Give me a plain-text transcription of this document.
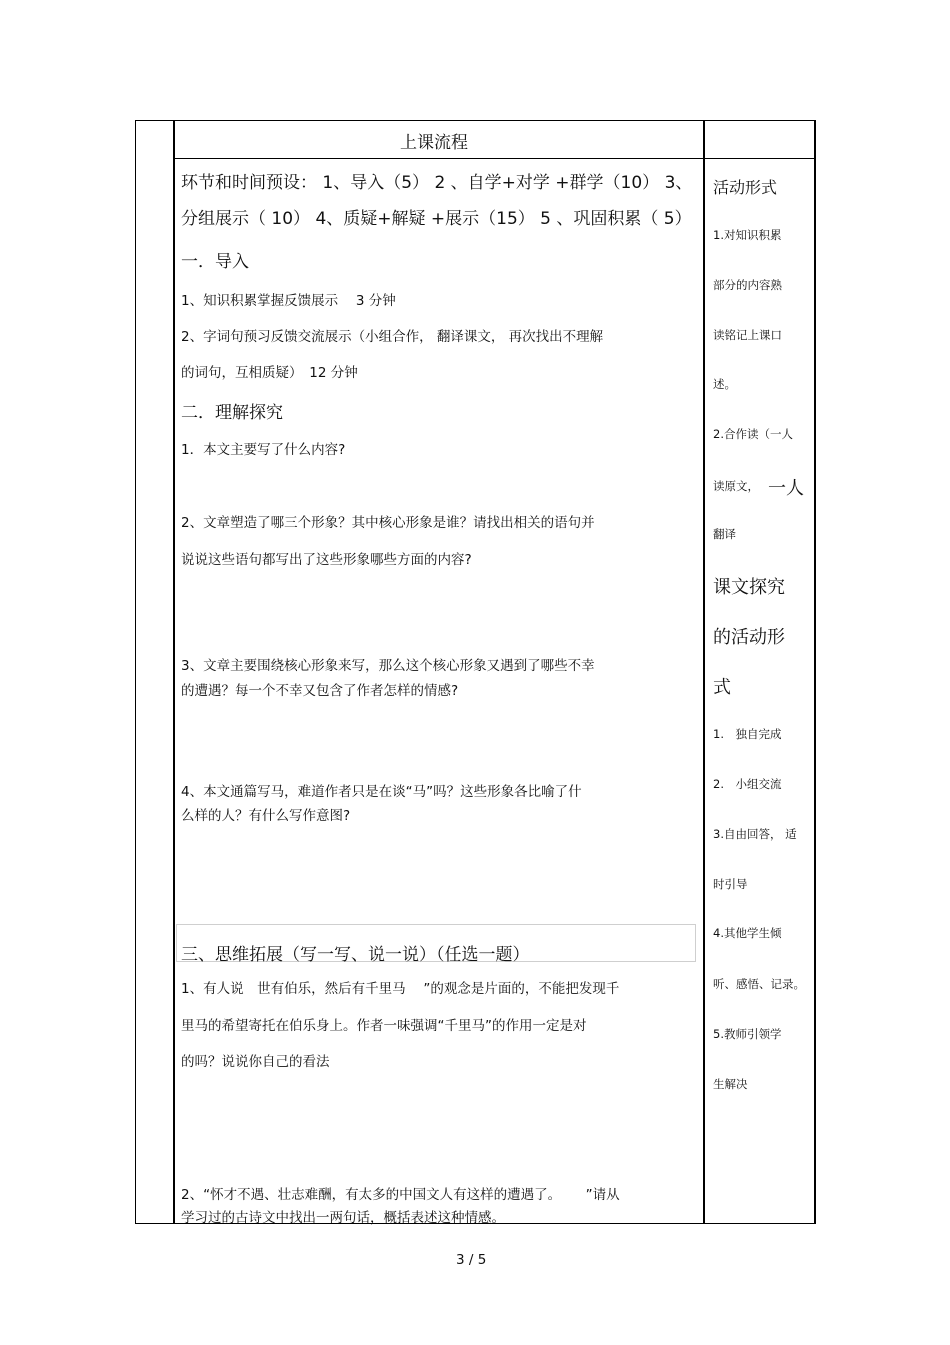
上课流程
环节和时间预设： 1、导入（5） 2 、自学+对学 +群学（10） 3、
分组展示（ 10） 4、质疑+解疑 +展示（15） 5 、巩固积累（ 5）
一．导入
1、知识积累掌握反馈展示　 3 分钟
2、字词句预习反馈交流展示（小组合作， 翻译课文， 再次找出不理解
的词句，互相质疑）　12 分钟
二．理解探究
1．本文主要写了什么内容?
2、文章塑造了哪三个形象？其中核心形象是谁？请找出相关的语句并
说说这些语句都写出了这些形象哪些方面的内容?
3、文章主要围绕核心形象来写，那么这个核心形象又遇到了哪些不幸
的遭遇？每一个不幸又包含了作者怎样的情感?
4、本文通篇写马，难道作者只是在谈“马”吗？这些形象各比喻了什
么样的人？有什么写作意图?
三、思维拓展（写一写、说一说）（任选一题）
1、有人说　世有伯乐，然后有千里马　 ”的观念是片面的，不能把发现千
里马的希望寄托在伯乐身上。作者一味强调“千里马”的作用一定是对
的吗？说说你自己的看法
2、“怀才不遇、壮志难酬，有太多的中国文人有这样的遭遇了。　　 ”请从
学习过的古诗文中找出一两句话，概括表述这种情感。
活动形式
1.对知识积累
部分的内容熟
读铭记上课口
述。
2.合作读（一人
读原文， 一人
翻译
课文探究
的活动形
式
1.　独自完成
2.　小组交流
3.自由回答， 适
时引导
4.其他学生倾
听、感悟、记录。
5.教师引领学
生解决
3 / 5
